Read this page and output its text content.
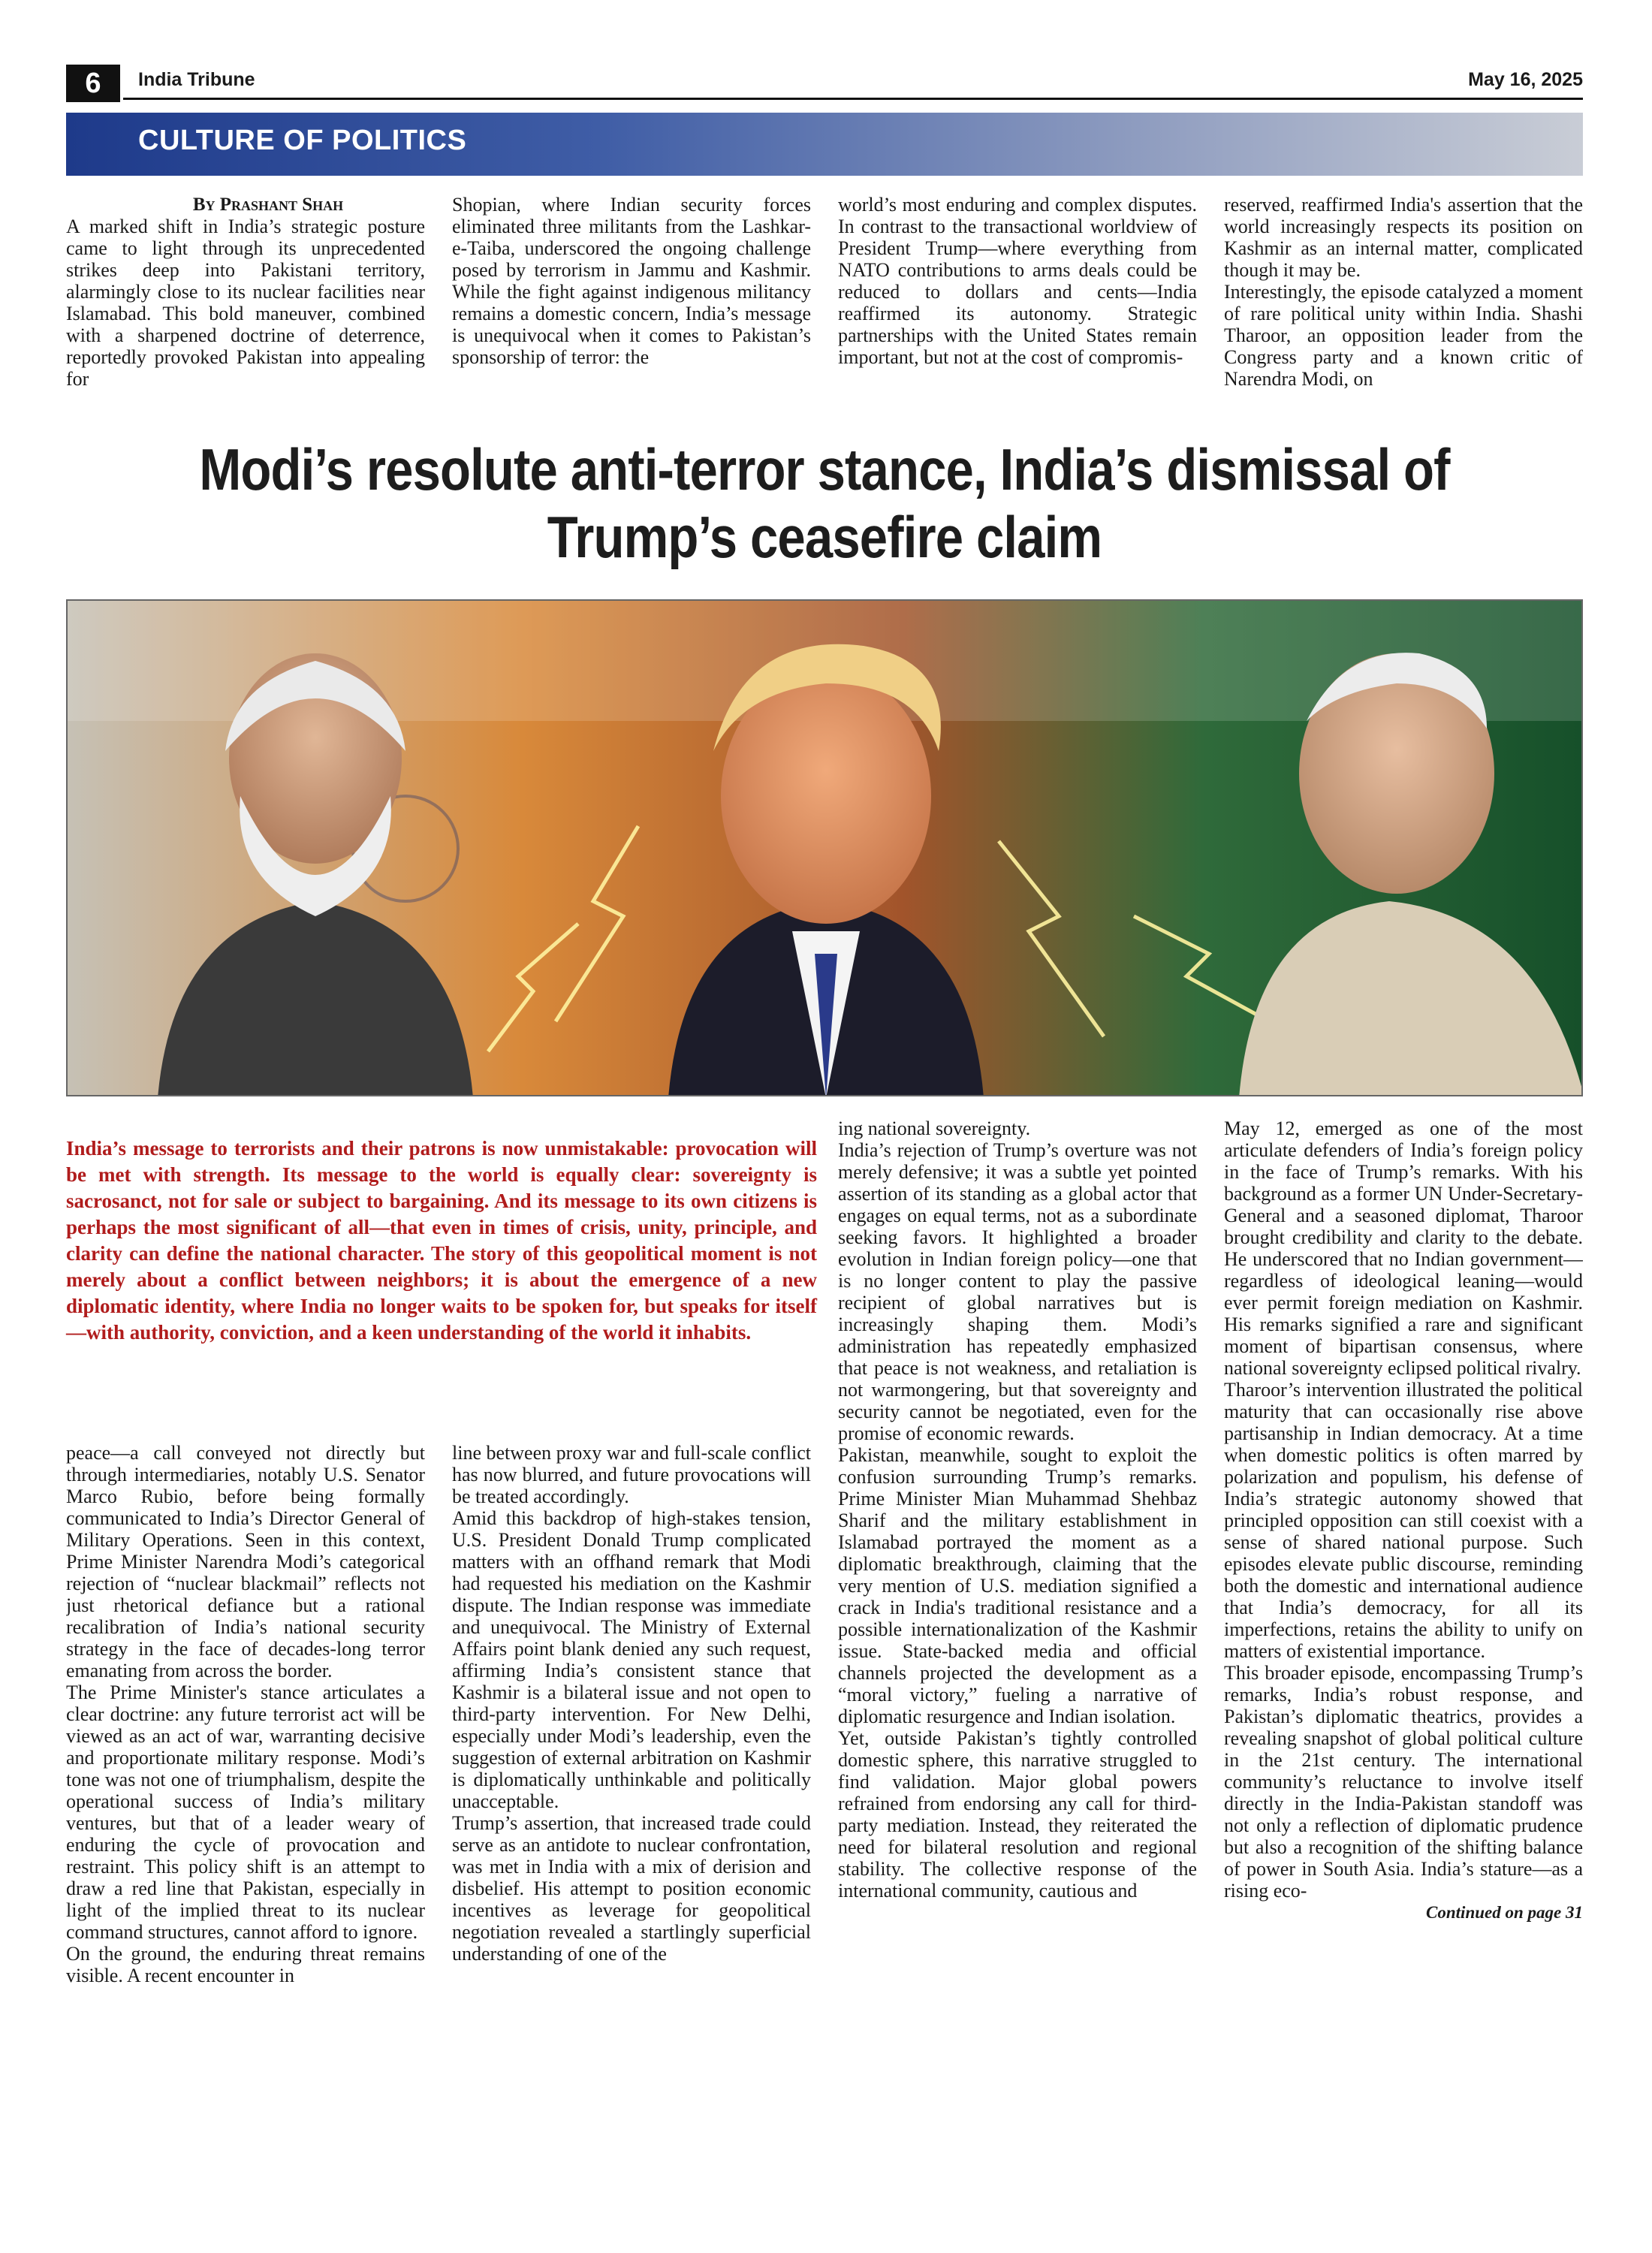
6	India Tribune	May 16, 2025
CULTURE OF POLITICS

By Prashant Shah

A marked shift in India’s strategic posture came to light through its unprecedented strikes deep into Pakistani territory, alarmingly close to its nuclear facilities near Islamabad. This bold maneuver, combined with a sharpened doctrine of deterrence, reportedly provoked Pakistan into appealing for

Shopian, where Indian security forces eliminated three militants from the Lashkar-e-Taiba, underscored the ongoing challenge posed by terrorism in Jammu and Kashmir. While the fight against indigenous militancy remains a domestic concern, India’s message is unequivocal when it comes to Pakistan’s sponsorship of terror: the

world’s most enduring and complex disputes. In contrast to the transactional worldview of President Trump—where everything from NATO contributions to arms deals could be reduced to dollars and cents—India reaffirmed its autonomy. Strategic partnerships with the United States remain important, but not at the cost of compromis-

reserved, reaffirmed India's assertion that the world increasingly respects its position on Kashmir as an internal matter, complicated though it may be.

Interestingly, the episode catalyzed a moment of rare political unity within India. Shashi Tharoor, an opposition leader from the Congress party and a known critic of Narendra Modi, on

Modi’s resolute anti-terror stance, India’s dismissal of
Trump’s ceasefire claim
India’s message to terrorists and their patrons is now unmistakable: provocation will be met with strength. Its message to the world is equally clear: sovereignty is sacrosanct, not for sale or subject to bargaining. And its message to its own citizens is perhaps the most significant of all—that even in times of crisis, unity, principle, and clarity can define the national character. The story of this geopolitical moment is not merely about a conflict between neighbors; it is about the emergence of a new diplomatic identity, where India no longer waits to be spoken for, but speaks for itself—with authority, conviction, and a keen understanding of the world it inhabits.

peace—a call conveyed not directly but through intermediaries, notably U.S. Senator Marco Rubio, before being formally communicated to India’s Director General of Military Operations. Seen in this context, Prime Minister Narendra Modi’s categorical rejection of “nuclear blackmail” reflects not just rhetorical defiance but a rational recalibration of India’s national security strategy in the face of decades-long terror emanating from across the border.

The Prime Minister's stance articulates a clear doctrine: any future terrorist act will be viewed as an act of war, warranting decisive and proportionate military response. Modi’s tone was not one of triumphalism, despite the operational success of India’s military ventures, but that of a leader weary of enduring the cycle of provocation and restraint. This policy shift is an attempt to draw a red line that Pakistan, especially in light of the implied threat to its nuclear command structures, cannot afford to ignore.

On the ground, the enduring threat remains visible. A recent encounter in

line between proxy war and full-scale conflict has now blurred, and future provocations will be treated accordingly.

Amid this backdrop of high-stakes tension, U.S. President Donald Trump complicated matters with an offhand remark that Modi had requested his mediation on the Kashmir dispute. The Indian response was immediate and unequivocal. The Ministry of External Affairs point blank denied any such request, affirming India’s consistent stance that Kashmir is a bilateral issue and not open to third-party intervention. For New Delhi, especially under Modi’s leadership, even the suggestion of external arbitration on Kashmir is diplomatically unthinkable and politically unacceptable.

Trump’s assertion, that increased trade could serve as an antidote to nuclear confrontation, was met in India with a mix of derision and disbelief. His attempt to position economic incentives as leverage for geopolitical negotiation revealed a startlingly superficial understanding of one of the

ing national sovereignty.

India’s rejection of Trump’s overture was not merely defensive; it was a subtle yet pointed assertion of its standing as a global actor that engages on equal terms, not as a subordinate seeking favors. It highlighted a broader evolution in Indian foreign policy—one that is no longer content to play the passive recipient of global narratives but is increasingly shaping them. Modi’s administration has repeatedly emphasized that peace is not weakness, and retaliation is not warmongering, but that sovereignty and security cannot be negotiated, even for the promise of economic rewards.

Pakistan, meanwhile, sought to exploit the confusion surrounding Trump’s remarks. Prime Minister Mian Muhammad Shehbaz Sharif and the military establishment in Islamabad portrayed the moment as a diplomatic breakthrough, claiming that the very mention of U.S. mediation signified a crack in India's traditional resistance and a possible internationalization of the Kashmir issue. State-backed media and official channels projected the development as a “moral victory,” fueling a narrative of diplomatic resurgence and Indian isolation.

Yet, outside Pakistan’s tightly controlled domestic sphere, this narrative struggled to find validation. Major global powers refrained from endorsing any call for third-party mediation. Instead, they reiterated the need for bilateral resolution and regional stability. The collective response of the international community, cautious and

May 12, emerged as one of the most articulate defenders of India’s foreign policy in the face of Trump’s remarks. With his background as a former UN Under-Secretary-General and a seasoned diplomat, Tharoor brought credibility and clarity to the debate. He underscored that no Indian government—regardless of ideological leaning—would ever permit foreign mediation on Kashmir. His remarks signified a rare and significant moment of bipartisan consensus, where national sovereignty eclipsed political rivalry.

Tharoor’s intervention illustrated the political maturity that can occasionally rise above partisanship in Indian democracy. At a time when domestic politics is often marred by polarization and populism, his defense of India’s strategic autonomy showed that principled opposition can still coexist with a sense of shared national purpose. Such episodes elevate public discourse, reminding both the domestic and international audience that India’s democracy, for all its imperfections, retains the ability to unify on matters of existential importance.

This broader episode, encompassing Trump’s remarks, India’s robust response, and Pakistan’s diplomatic theatrics, provides a revealing snapshot of global political culture in the 21st century. The international community’s reluctance to involve itself directly in the India-Pakistan standoff was not only a reflection of diplomatic prudence but also a recognition of the shifting balance of power in South Asia. India’s stature—as a rising eco-

Continued on page 31
